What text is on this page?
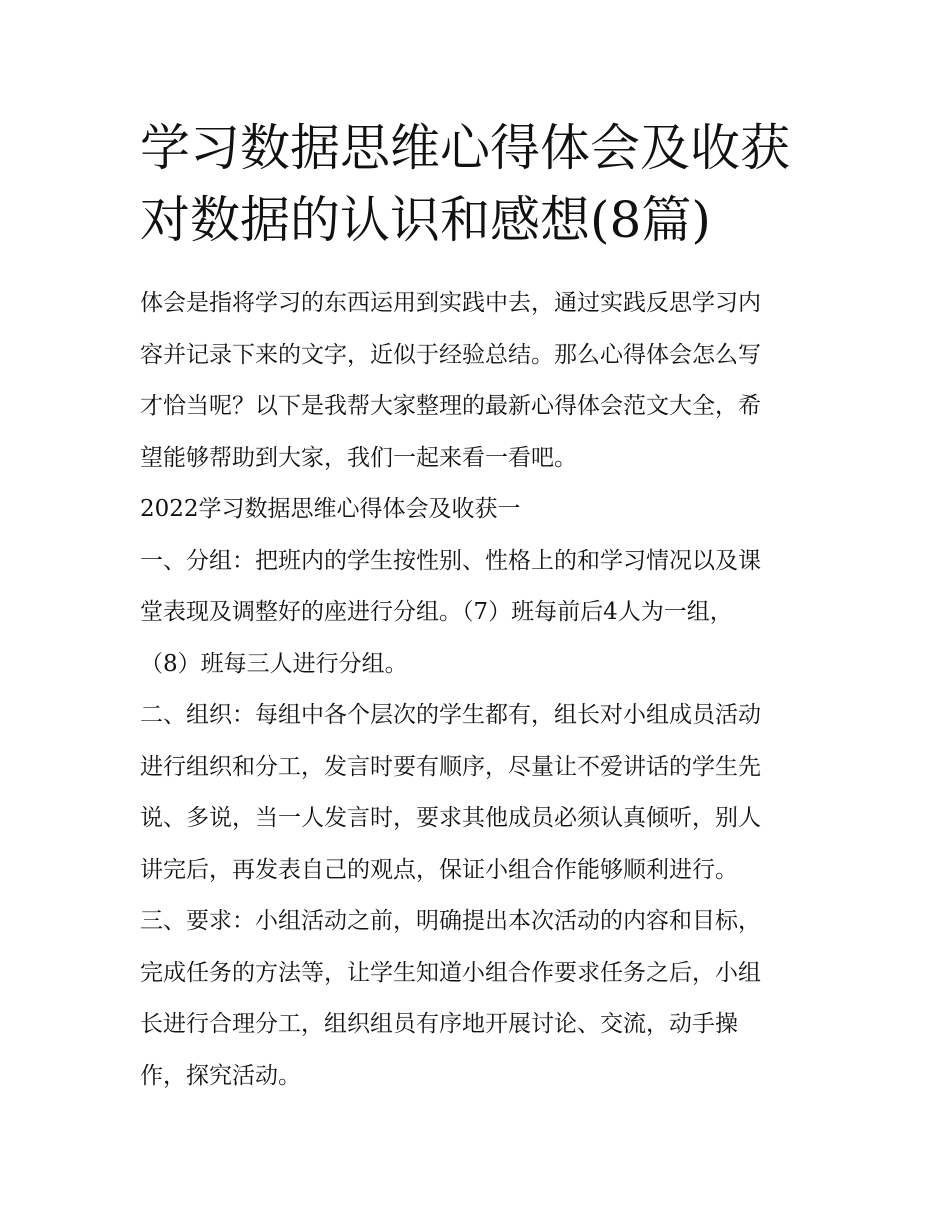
学习数据思维心得体会及收获
对数据的认识和感想(8篇)
体会是指将学习的东西运用到实践中去，通过实践反思学习内
容并记录下来的文字，近似于经验总结。那么心得体会怎么写
才恰当呢？以下是我帮大家整理的最新心得体会范文大全，希
望能够帮助到大家，我们一起来看一看吧。
2022学习数据思维心得体会及收获一
一、分组：把班内的学生按性别、性格上的和学习情况以及课
堂表现及调整好的座进行分组。（7）班每前后4人为一组，
（8）班每三人进行分组。
二、组织：每组中各个层次的学生都有，组长对小组成员活动
进行组织和分工，发言时要有顺序，尽量让不爱讲话的学生先
说、多说，当一人发言时，要求其他成员必须认真倾听，别人
讲完后，再发表自己的观点，保证小组合作能够顺利进行。
三、要求：小组活动之前，明确提出本次活动的内容和目标，
完成任务的方法等，让学生知道小组合作要求任务之后，小组
长进行合理分工，组织组员有序地开展讨论、交流，动手操
作，探究活动。
